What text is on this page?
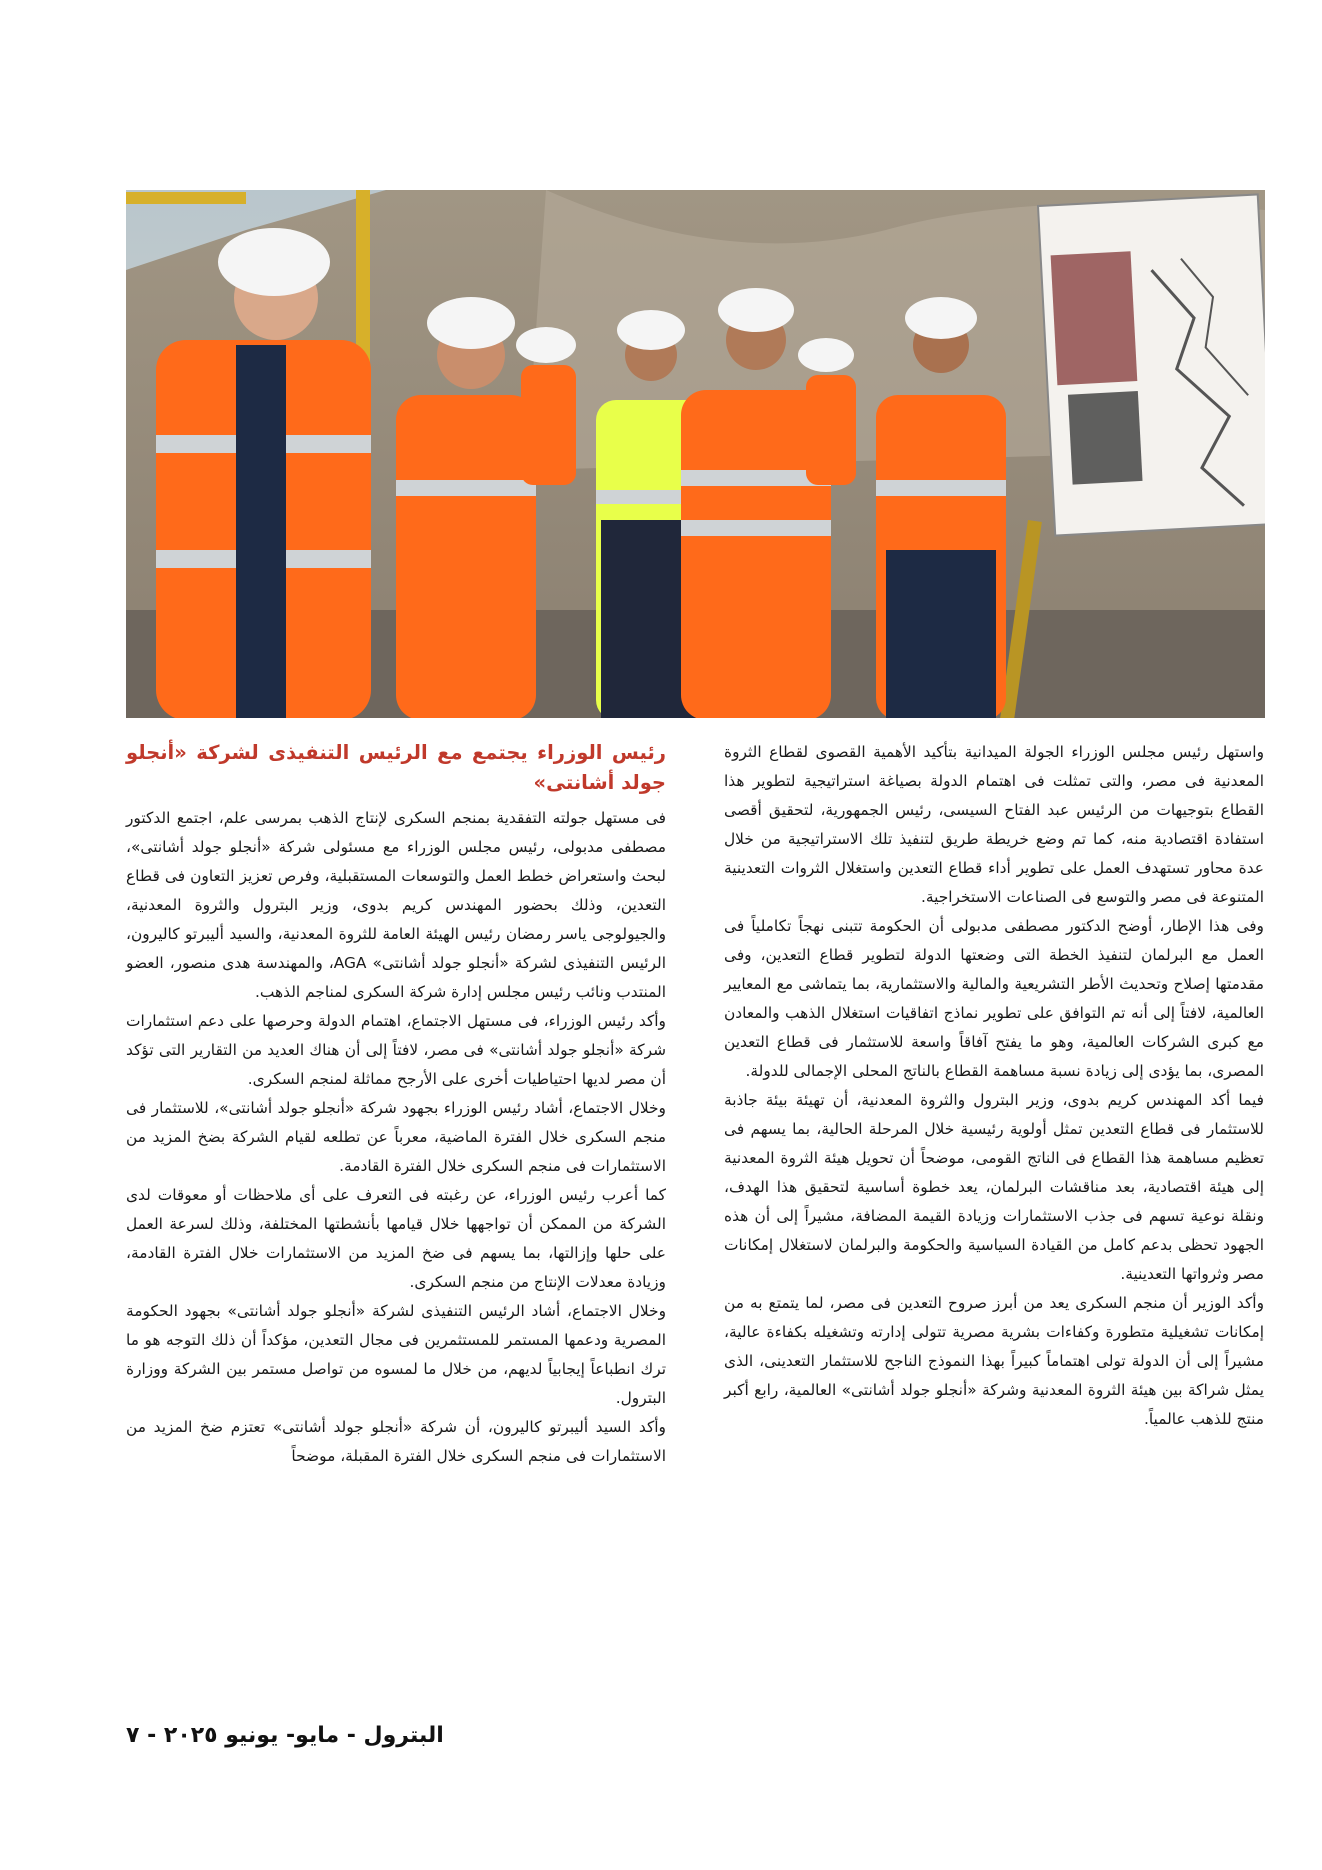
واستهل رئيس مجلس الوزراء الجولة الميدانية بتأكيد الأهمية القصوى لقطاع الثروة المعدنية فى مصر، والتى تمثلت فى اهتمام الدولة بصياغة استراتيجية لتطوير هذا القطاع بتوجيهات من الرئيس عبد الفتاح السيسى، رئيس الجمهورية، لتحقيق أقصى استفادة اقتصادية منه، كما تم وضع خريطة طريق لتنفيذ تلك الاستراتيجية من خلال عدة محاور تستهدف العمل على تطوير أداء قطاع التعدين واستغلال الثروات التعدينية المتنوعة فى مصر والتوسع فى الصناعات الاستخراجية.

وفى هذا الإطار، أوضح الدكتور مصطفى مدبولى أن الحكومة تتبنى نهجاً تكاملياً فى العمل مع البرلمان لتنفيذ الخطة التى وضعتها الدولة لتطوير قطاع التعدين، وفى مقدمتها إصلاح وتحديث الأطر التشريعية والمالية والاستثمارية، بما يتماشى مع المعايير العالمية، لافتاً إلى أنه تم التوافق على تطوير نماذج اتفاقيات استغلال الذهب والمعادن مع كبرى الشركات العالمية، وهو ما يفتح آفاقاً واسعة للاستثمار فى قطاع التعدين المصرى، بما يؤدى إلى زيادة نسبة مساهمة القطاع بالناتج المحلى الإجمالى للدولة.

فيما أكد المهندس كريم بدوى، وزير البترول والثروة المعدنية، أن تهيئة بيئة جاذبة للاستثمار فى قطاع التعدين تمثل أولوية رئيسية خلال المرحلة الحالية، بما يسهم فى تعظيم مساهمة هذا القطاع فى الناتج القومى، موضحاً أن تحويل هيئة الثروة المعدنية إلى هيئة اقتصادية، بعد مناقشات البرلمان، يعد خطوة أساسية لتحقيق هذا الهدف، ونقلة نوعية تسهم فى جذب الاستثمارات وزيادة القيمة المضافة، مشيراً إلى أن هذه الجهود تحظى بدعم كامل من القيادة السياسية والحكومة والبرلمان لاستغلال إمكانات مصر وثرواتها التعدينية.

وأكد الوزير أن منجم السكرى يعد من أبرز صروح التعدين فى مصر، لما يتمتع به من إمكانات تشغيلية متطورة وكفاءات بشرية مصرية تتولى إدارته وتشغيله بكفاءة عالية، مشيراً إلى أن الدولة تولى اهتماماً كبيراً بهذا النموذج الناجح للاستثمار التعدينى، الذى يمثل شراكة بين هيئة الثروة المعدنية وشركة «أنجلو جولد أشانتى» العالمية، رابع أكبر منتج للذهب عالمياً.

رئيس الوزراء يجتمع مع الرئيس التنفيذى لشركة «أنجلو جولد أشانتى»

فى مستهل جولته التفقدية بمنجم السكرى لإنتاج الذهب بمرسى علم، اجتمع الدكتور مصطفى مدبولى، رئيس مجلس الوزراء مع مسئولى شركة «أنجلو جولد أشانتى»، لبحث واستعراض خطط العمل والتوسعات المستقبلية، وفرص تعزيز التعاون فى قطاع التعدين، وذلك بحضور المهندس كريم بدوى، وزير البترول والثروة المعدنية، والجيولوجى ياسر رمضان رئيس الهيئة العامة للثروة المعدنية، والسيد أليبرتو كاليرون، الرئيس التنفيذى لشركة «أنجلو جولد أشانتى» AGA، والمهندسة هدى منصور، العضو المنتدب ونائب رئيس مجلس إدارة شركة السكرى لمناجم الذهب.

وأكد رئيس الوزراء، فى مستهل الاجتماع، اهتمام الدولة وحرصها على دعم استثمارات شركة «أنجلو جولد أشانتى» فى مصر، لافتاً إلى أن هناك العديد من التقارير التى تؤكد أن مصر لديها احتياطيات أخرى على الأرجح مماثلة لمنجم السكرى.

وخلال الاجتماع، أشاد رئيس الوزراء بجهود شركة «أنجلو جولد أشانتى»، للاستثمار فى منجم السكرى خلال الفترة الماضية، معرباً عن تطلعه لقيام الشركة بضخ المزيد من الاستثمارات فى منجم السكرى خلال الفترة القادمة.

كما أعرب رئيس الوزراء، عن رغبته فى التعرف على أى ملاحظات أو معوقات لدى الشركة من الممكن أن تواجهها خلال قيامها بأنشطتها المختلفة، وذلك لسرعة العمل على حلها وإزالتها، بما يسهم فى ضخ المزيد من الاستثمارات خلال الفترة القادمة، وزيادة معدلات الإنتاج من منجم السكرى.

وخلال الاجتماع، أشاد الرئيس التنفيذى لشركة «أنجلو جولد أشانتى» بجهود الحكومة المصرية ودعمها المستمر للمستثمرين فى مجال التعدين، مؤكداً أن ذلك التوجه هو ما ترك انطباعاً إيجابياً لديهم، من خلال ما لمسوه من تواصل مستمر بين الشركة ووزارة البترول.

وأكد السيد أليبرتو كاليرون، أن شركة «أنجلو جولد أشانتى» تعتزم ضخ المزيد من الاستثمارات فى منجم السكرى خلال الفترة المقبلة، موضحاً

البترول - مايو- يونيو ٢٠٢٥ - ٧
